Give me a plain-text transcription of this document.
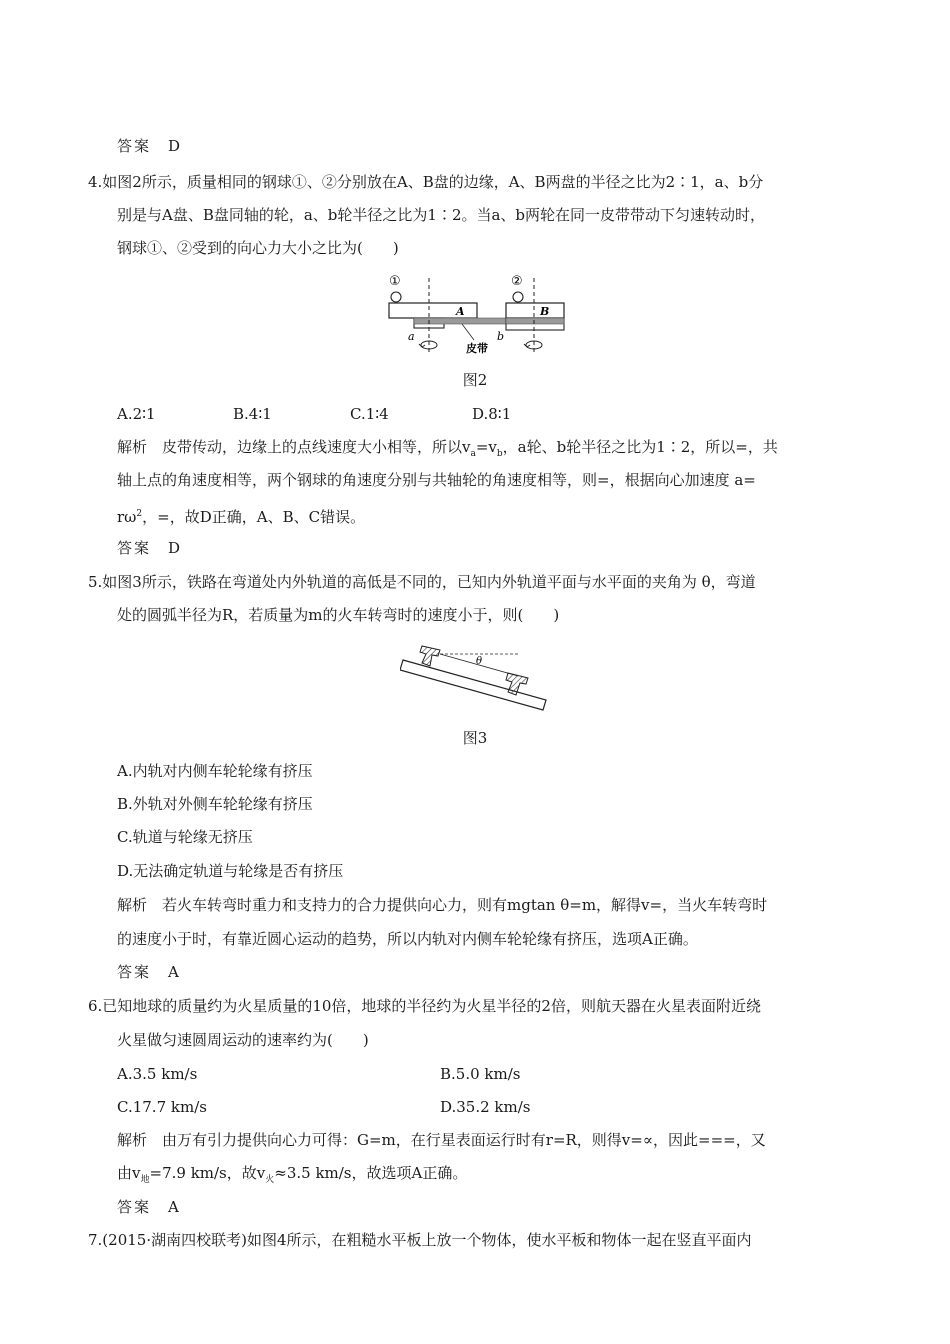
答案　D
4.如图2所示，质量相同的钢球①、②分别放在A、B盘的边缘，A、B两盘的半径之比为2∶1，a、b分
别是与A盘、B盘同轴的轮，a、b轮半径之比为1∶2。当a、b两轮在同一皮带带动下匀速转动时，
钢球①、②受到的向心力大小之比为(　　)
A
①
B
②
a	b
皮带
图2
A.2∶1	B.4∶1	C.1∶4	D.8∶1
解析　皮带传动，边缘上的点线速度大小相等，所以$v_a=v_b$，a轮、b轮半径之比为1∶2，所以=，共
轴上点的角速度相等，两个钢球的角速度分别与共轴轮的角速度相等，则=，根据向心加速度 a=
$r\omega^2$，=，故D正确，A、B、C错误。
答案　D
5.如图3所示，铁路在弯道处内外轨道的高低是不同的，已知内外轨道平面与水平面的夹角为 θ，弯道
处的圆弧半径为R，若质量为m的火车转弯时的速度小于，则(　　)
θ
图3
A.内轨对内侧车轮轮缘有挤压
B.外轨对外侧车轮轮缘有挤压
C.轨道与轮缘无挤压
D.无法确定轨道与轮缘是否有挤压
解析　若火车转弯时重力和支持力的合力提供向心力，则有mgtan θ=m，解得v=，当火车转弯时
的速度小于时，有靠近圆心运动的趋势，所以内轨对内侧车轮轮缘有挤压，选项A正确。
答案　A
6.已知地球的质量约为火星质量的10倍，地球的半径约为火星半径的2倍，则航天器在火星表面附近绕
火星做匀速圆周运动的速率约为(　　)
A.3.5 km/s	B.5.0 km/s
C.17.7 km/s	D.35.2 km/s
解析　由万有引力提供向心力可得：G=m，在行星表面运行时有r=R，则得v=∝，因此===，又
由$v_地=7.9$ km/s，故$v_火\approx 3.5$ km/s，故选项A正确。
答案　A
7.(2015·湖南四校联考)如图4所示，在粗糙水平板上放一个物体，使水平板和物体一起在竖直平面内
